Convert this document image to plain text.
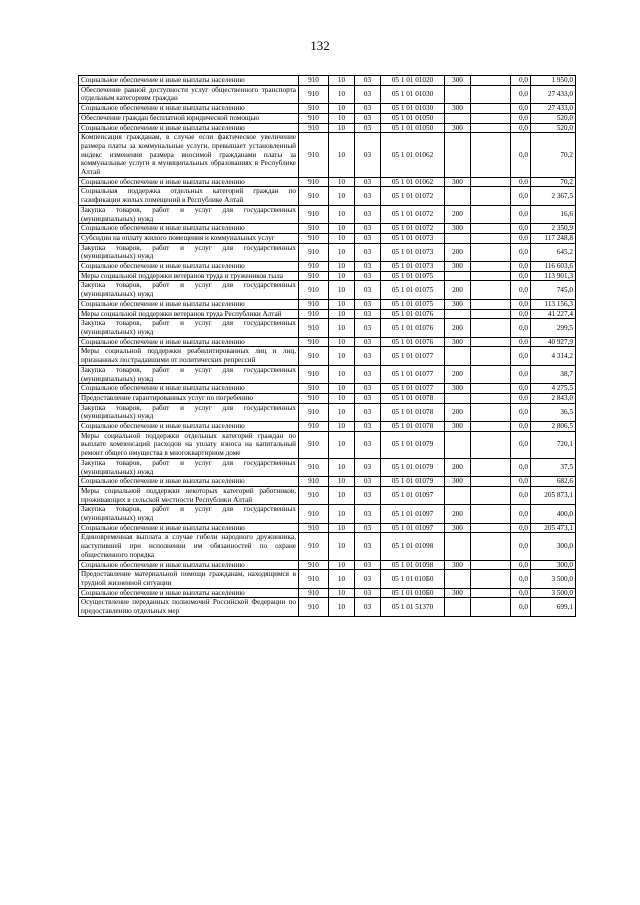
132
Социальное обеспечение и иные выплаты населению	910	10	03	05 1 01 01020	300		0,0	1 950,0
Обеспечение равной доступности услуг общественного транспорта отдельным категориям граждан	910	10	03	05 1 01 01030			0,0	27 433,0
Социальное обеспечение и иные выплаты населению	910	10	03	05 1 01 01030	300		0,0	27 433,0
Обеспечение граждан бесплатной юридической помощью	910	10	03	05 1 01 01050			0,0	520,0
Социальное обеспечение и иные выплаты населению	910	10	03	05 1 01 01050	300		0,0	520,0
Компенсация гражданам, в случае если фактическое увеличение размера платы за коммунальные услуги, превышает установленный индекс изменения размера вносимой гражданами платы за коммунальные услуги в муниципальных образованиях в Республике Алтай	910	10	03	05 1 01 01062			0,0	70,2
Социальное обеспечение и иные выплаты населению	910	10	03	05 1 01 01062	300		0,0	70,2
Социальная поддержка отдельных категорий граждан по газификации жилых помещений в Республике Алтай	910	10	03	05 1 01 01072			0,0	2 367,5
Закупка товаров, работ и услуг для государственных (муниципальных) нужд	910	10	03	05 1 01 01072	200		0,0	16,6
Социальное обеспечение и иные выплаты населению	910	10	03	05 1 01 01072	300		0,0	2 350,9
Субсидии на оплату жилого помещения и коммунальных услуг	910	10	03	05 1 01 01073			0,0	117 248,8
Закупка товаров, работ и услуг для государственных (муниципальных) нужд	910	10	03	05 1 01 01073	200		0,0	645,2
Социальное обеспечение и иные выплаты населению	910	10	03	05 1 01 01073	300		0,0	116 603,6
Меры социальной поддержки ветеранов труда и тружеников тыла	910	10	03	05 1 01 01075			0,0	113 901,3
Закупка товаров, работ и услуг для государственных (муниципальных) нужд	910	10	03	05 1 01 01075	200		0,0	745,0
Социальное обеспечение и иные выплаты населению	910	10	03	05 1 01 01075	300		0,0	113 156,3
Меры социальной поддержки ветеранов труда Республики Алтай	910	10	03	05 1 01 01076			0,0	41 227,4
Закупка товаров, работ и услуг для государственных (муниципальных) нужд	910	10	03	05 1 01 01076	200		0,0	299,5
Социальное обеспечение и иные выплаты населению	910	10	03	05 1 01 01076	300		0,0	40 927,9
Меры социальной поддержки реабилитированных лиц и лиц, признанных пострадавшими от политических репрессий	910	10	03	05 1 01 01077			0,0	4 314,2
Закупка товаров, работ и услуг для государственных (муниципальных) нужд	910	10	03	05 1 01 01077	200		0,0	38,7
Социальное обеспечение и иные выплаты населению	910	10	03	05 1 01 01077	300		0,0	4 275,5
Предоставление гарантированных услуг по погребению	910	10	03	05 1 01 01078			0,0	2 843,0
Закупка товаров, работ и услуг для государственных (муниципальных) нужд	910	10	03	05 1 01 01078	200		0,0	36,5
Социальное обеспечение и иные выплаты населению	910	10	03	05 1 01 01078	300		0,0	2 806,5
Меры социальной поддержки отдельных категорий граждан по выплате компенсаций расходов на уплату взноса на капитальный ремонт общего имущества в многоквартирном доме	910	10	03	05 1 01 01079			0,0	720,1
Закупка товаров, работ и услуг для государственных (муниципальных) нужд	910	10	03	05 1 01 01079	200		0,0	37,5
Социальное обеспечение и иные выплаты населению	910	10	03	05 1 01 01079	300		0,0	682,6
Меры социальной поддержки некоторых категорий работников, проживающих в сельской местности Республики Алтай	910	10	03	05 1 01 01097			0,0	205 873,1
Закупка товаров, работ и услуг для государственных (муниципальных) нужд	910	10	03	05 1 01 01097	200		0,0	400,0
Социальное обеспечение и иные выплаты населению	910	10	03	05 1 01 01097	300		0,0	205 473,1
Единовременная выплата в случае гибели народного дружинника, наступившей при исполнении им обязанностей по охране общественного порядка	910	10	03	05 1 01 01098			0,0	300,0
Социальное обеспечение и иные выплаты населению	910	10	03	05 1 01 01098	300		0,0	300,0
Предоставление материальной помощи гражданам, находящимся в трудной жизненной ситуации	910	10	03	05 1 01 010Б0			0,0	3 500,0
Социальное обеспечение и иные выплаты населению	910	10	03	05 1 01 010Б0	300		0,0	3 500,0
Осуществление переданных полномочий Российской Федерации по предоставлению отдельных мер	910	10	03	05 1 01 51370			0,0	699,1
